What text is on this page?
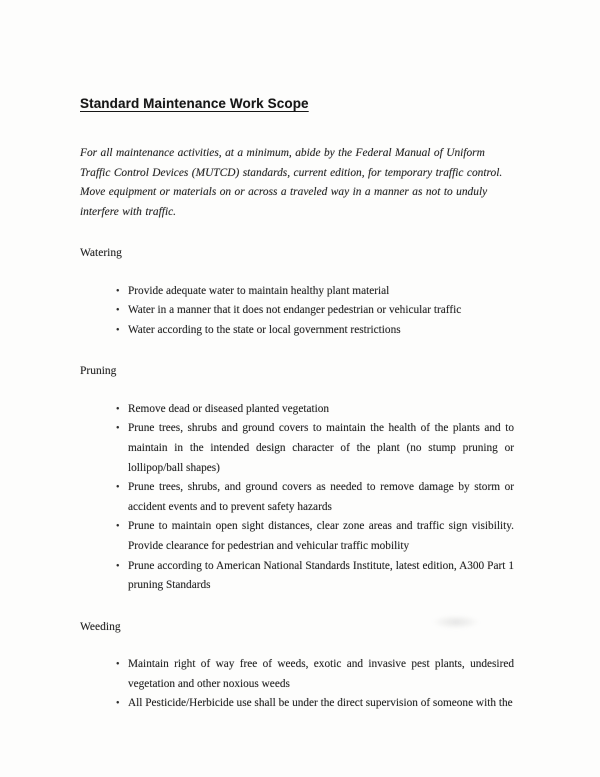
Standard Maintenance Work Scope

For all maintenance activities, at a minimum, abide by the Federal Manual of Uniform Traffic Control Devices (MUTCD) standards, current edition, for temporary traffic control. Move equipment or materials on or across a traveled way in a manner as not to unduly interfere with traffic.

Watering
• Provide adequate water to maintain healthy plant material
• Water in a manner that it does not endanger pedestrian or vehicular traffic
• Water according to the state or local government restrictions
Pruning
• Remove dead or diseased planted vegetation
• Prune trees, shrubs and ground covers to maintain the health of the plants and to maintain in the intended design character of the plant (no stump pruning or lollipop/ball shapes)
• Prune trees, shrubs, and ground covers as needed to remove damage by storm or accident events and to prevent safety hazards
• Prune to maintain open sight distances, clear zone areas and traffic sign visibility. Provide clearance for pedestrian and vehicular traffic mobility
• Prune according to American National Standards Institute, latest edition, A300 Part 1 pruning Standards
Weeding
• Maintain right of way free of weeds, exotic and invasive pest plants, undesired vegetation and other noxious weeds
• All Pesticide/Herbicide use shall be under the direct supervision of someone with the
